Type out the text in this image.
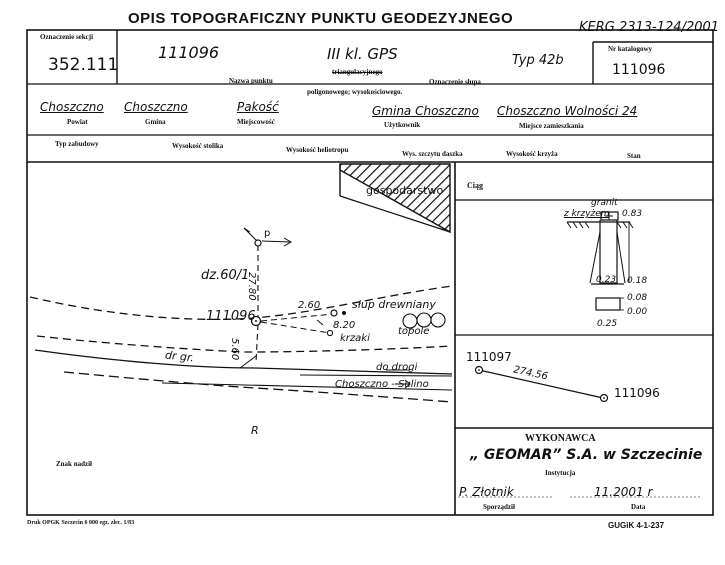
OPIS TOPOGRAFICZNY PUNKTU GEODEZYJNEGO
KERG 2313-124/2001
Oznaczenie sekcji
352.111
111096	III kl. GPS	Typ 42b
Nr katalogowy
111096
Nazwa punktu
triangulacyjnego
poligonowego; wysokościowego.
Oznaczenie słupa
Choszczno
Powiat
Choszczno
Gmina
Pakość
Miejscowość
Gmina Choszczno
Użytkownik
Choszczno Wolności 24
Miejsce zamieszkania
Typ zabudowy	Wysokość stolika	Wysokość heliotropu	Wys. szczytu daszka	Wysokość krzyża	Stan
gospodarstwo
p
27.80
dz.60/1
111096
2.60
8.20
słup drewniany
krzaki
topole
5.60
dr gr.
do drogi
Choszczno - Sulino
R
Znak nadził
Ciąg
granit
z krzyżem 0.83
0.23 0.18
0.08
0.00
0.25
111097
274.56
111096
WYKONAWCA
„ GEOMAR” S.A. w Szczecinie
Instytucja
P. Złotnik	11.2001 r
Sporządził	Data
Druk OPGK Szczecin 6 000 egz. zlec. 1/83	GUGiK 4-1-237
